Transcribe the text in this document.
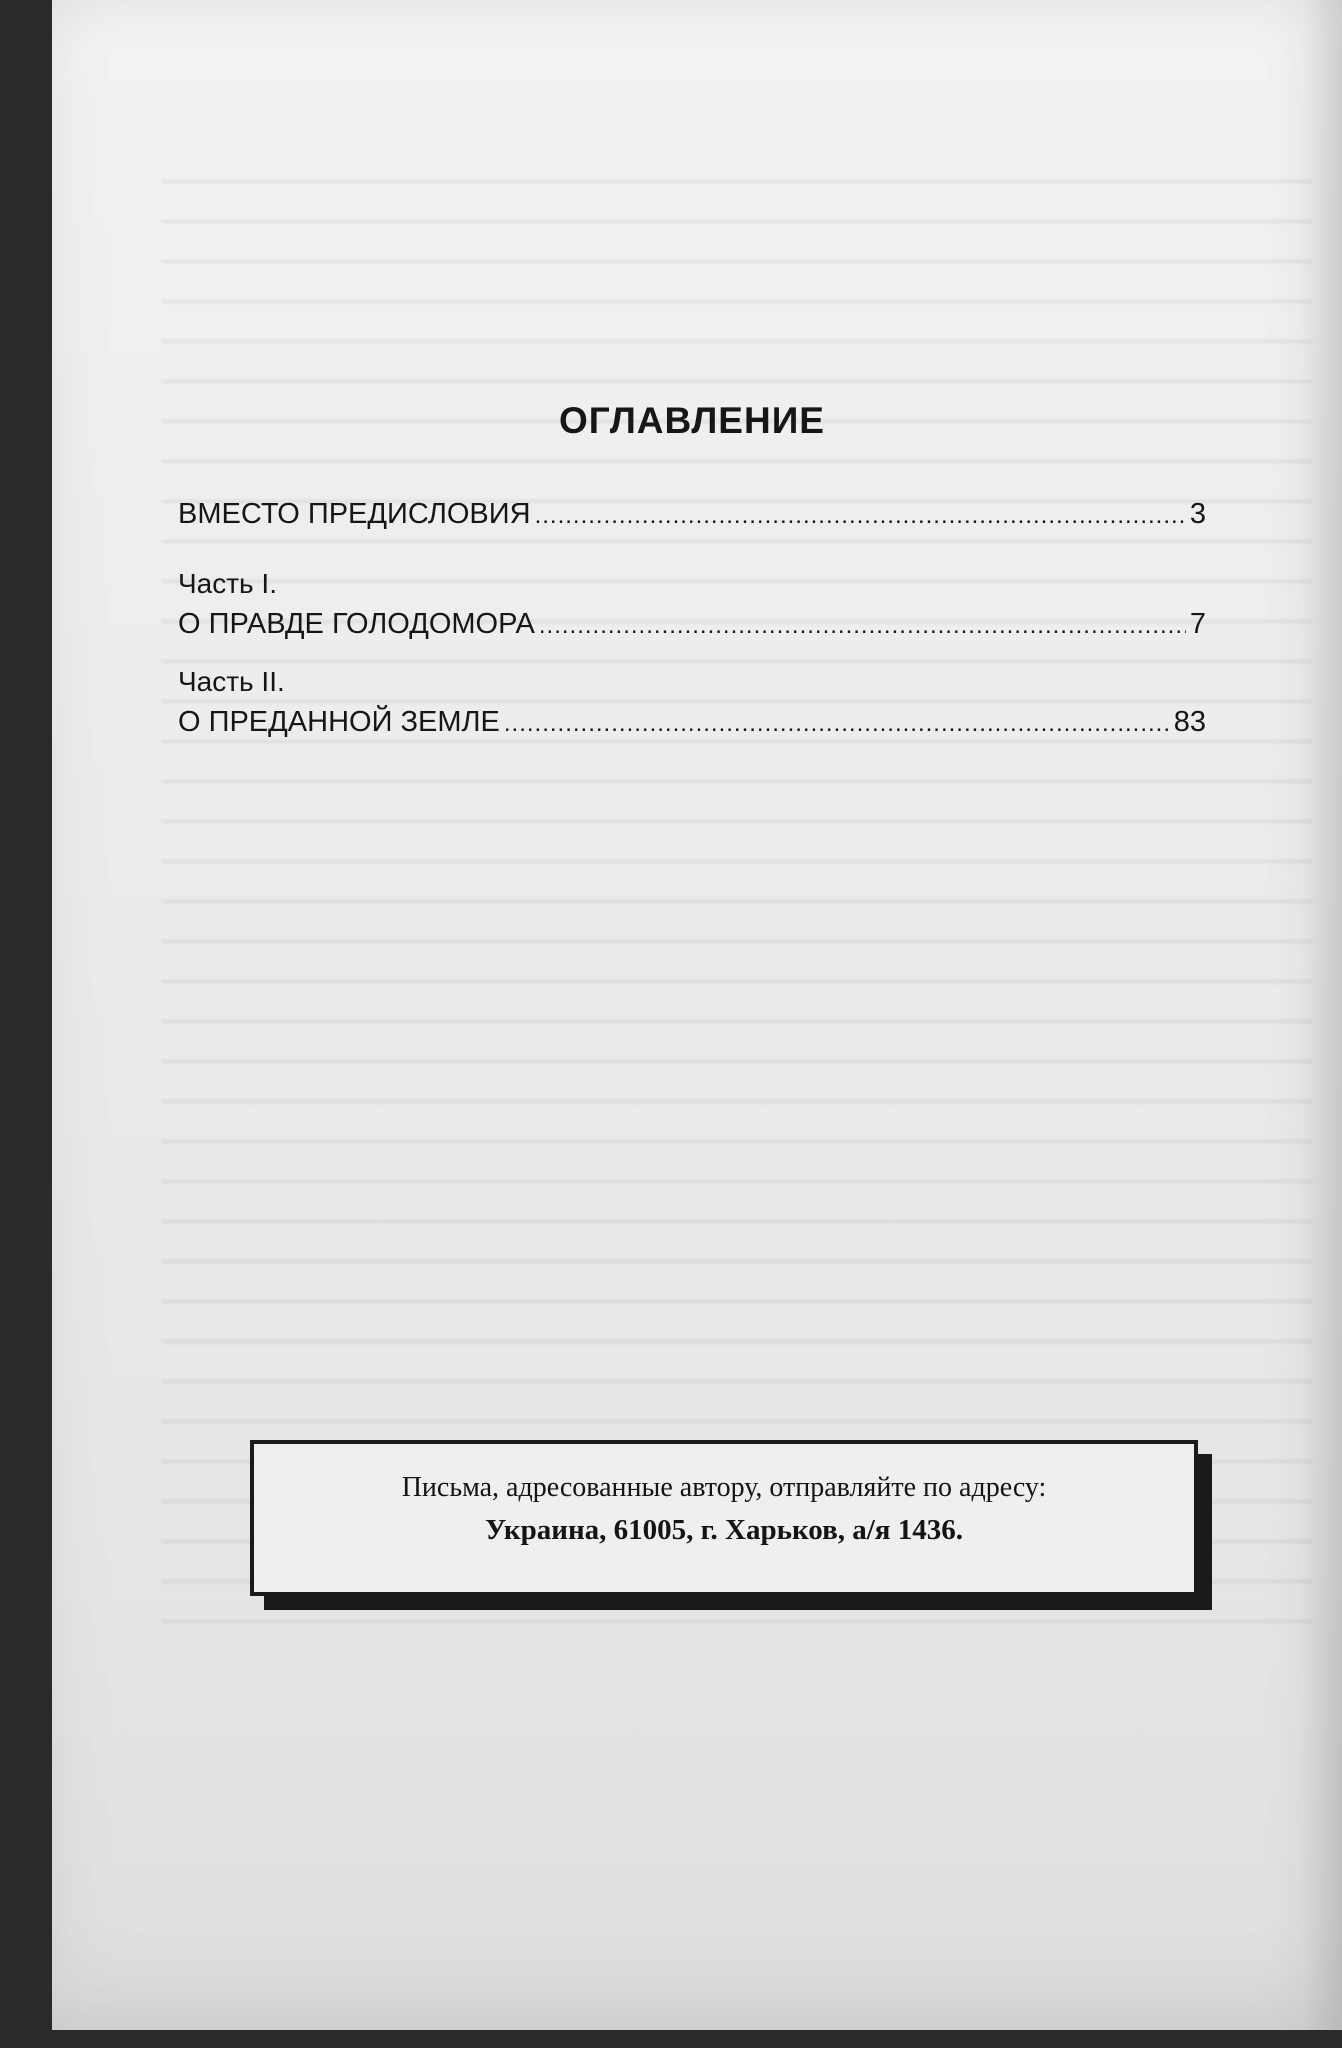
ОГЛАВЛЕНИЕ
ВМЕСТО ПРЕДИСЛОВИЯ .....	3
Часть I.
О ПРАВДЕ ГОЛОДОМОРА .....	7
Часть II.
О ПРЕДАННОЙ ЗЕМЛЕ .....	83
Письма, адресованные автору, отправляйте по адресу:
Украина, 61005, г. Харьков, а/я 1436.
